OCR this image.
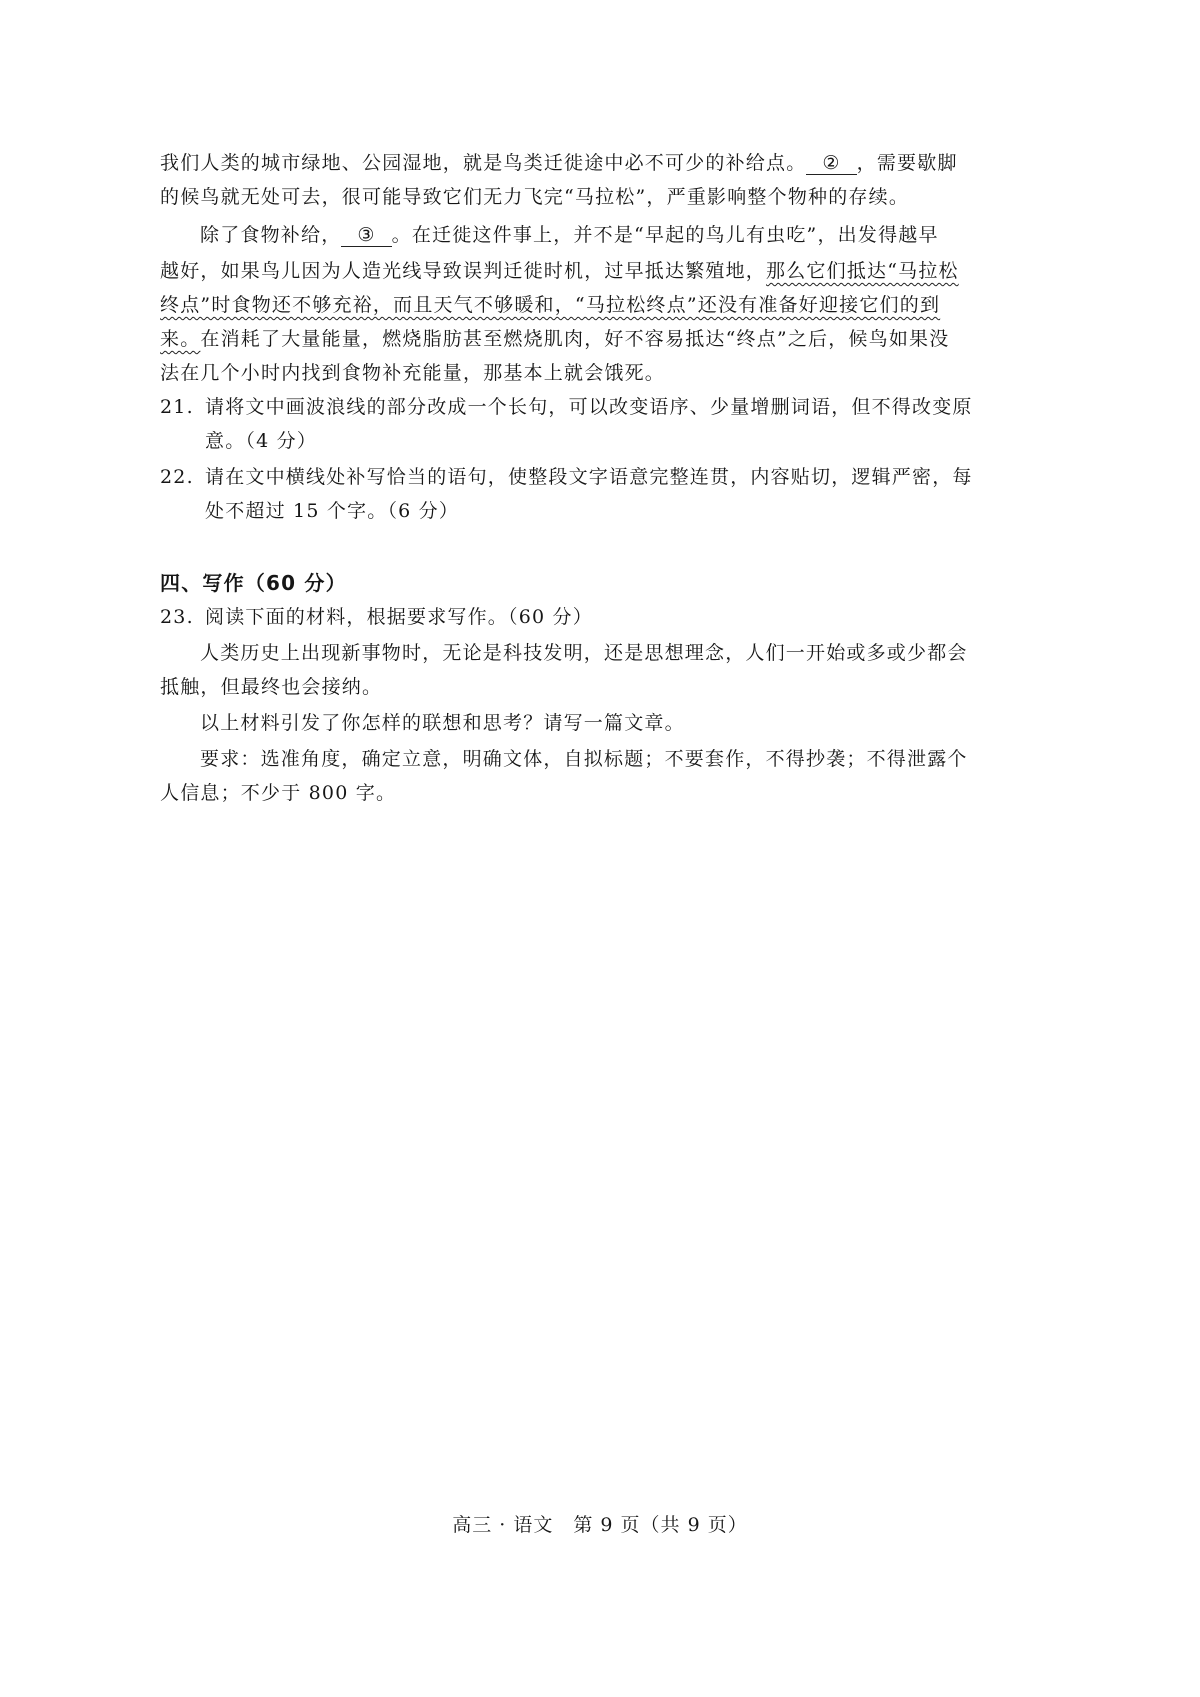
我们人类的城市绿地、公园湿地，就是鸟类迁徙途中必不可少的补给点。 ② ，需要歇脚
的候鸟就无处可去，很可能导致它们无力飞完“马拉松”，严重影响整个物种的存续。
除了食物补给， ③ 。在迁徙这件事上，并不是“早起的鸟儿有虫吃”，出发得越早
越好，如果鸟儿因为人造光线导致误判迁徙时机，过早抵达繁殖地，那么它们抵达“马拉松
终点”时食物还不够充裕，而且天气不够暖和，“马拉松终点”还没有准备好迎接它们的到
来。在消耗了大量能量，燃烧脂肪甚至燃烧肌肉，好不容易抵达“终点”之后，候鸟如果没
法在几个小时内找到食物补充能量，那基本上就会饿死。
21. 请将文中画波浪线的部分改成一个长句，可以改变语序、少量增删词语，但不得改变原
意。（4 分）
22. 请在文中横线处补写恰当的语句，使整段文字语意完整连贯，内容贴切，逻辑严密，每
处不超过 15 个字。（6 分）
四、写作（60 分）
23. 阅读下面的材料，根据要求写作。（60 分）
人类历史上出现新事物时，无论是科技发明，还是思想理念，人们一开始或多或少都会
抵触，但最终也会接纳。
以上材料引发了你怎样的联想和思考？请写一篇文章。
要求：选准角度，确定立意，明确文体，自拟标题；不要套作，不得抄袭；不得泄露个
人信息；不少于 800 字。
高三 · 语文　第 9 页（共 9 页）
